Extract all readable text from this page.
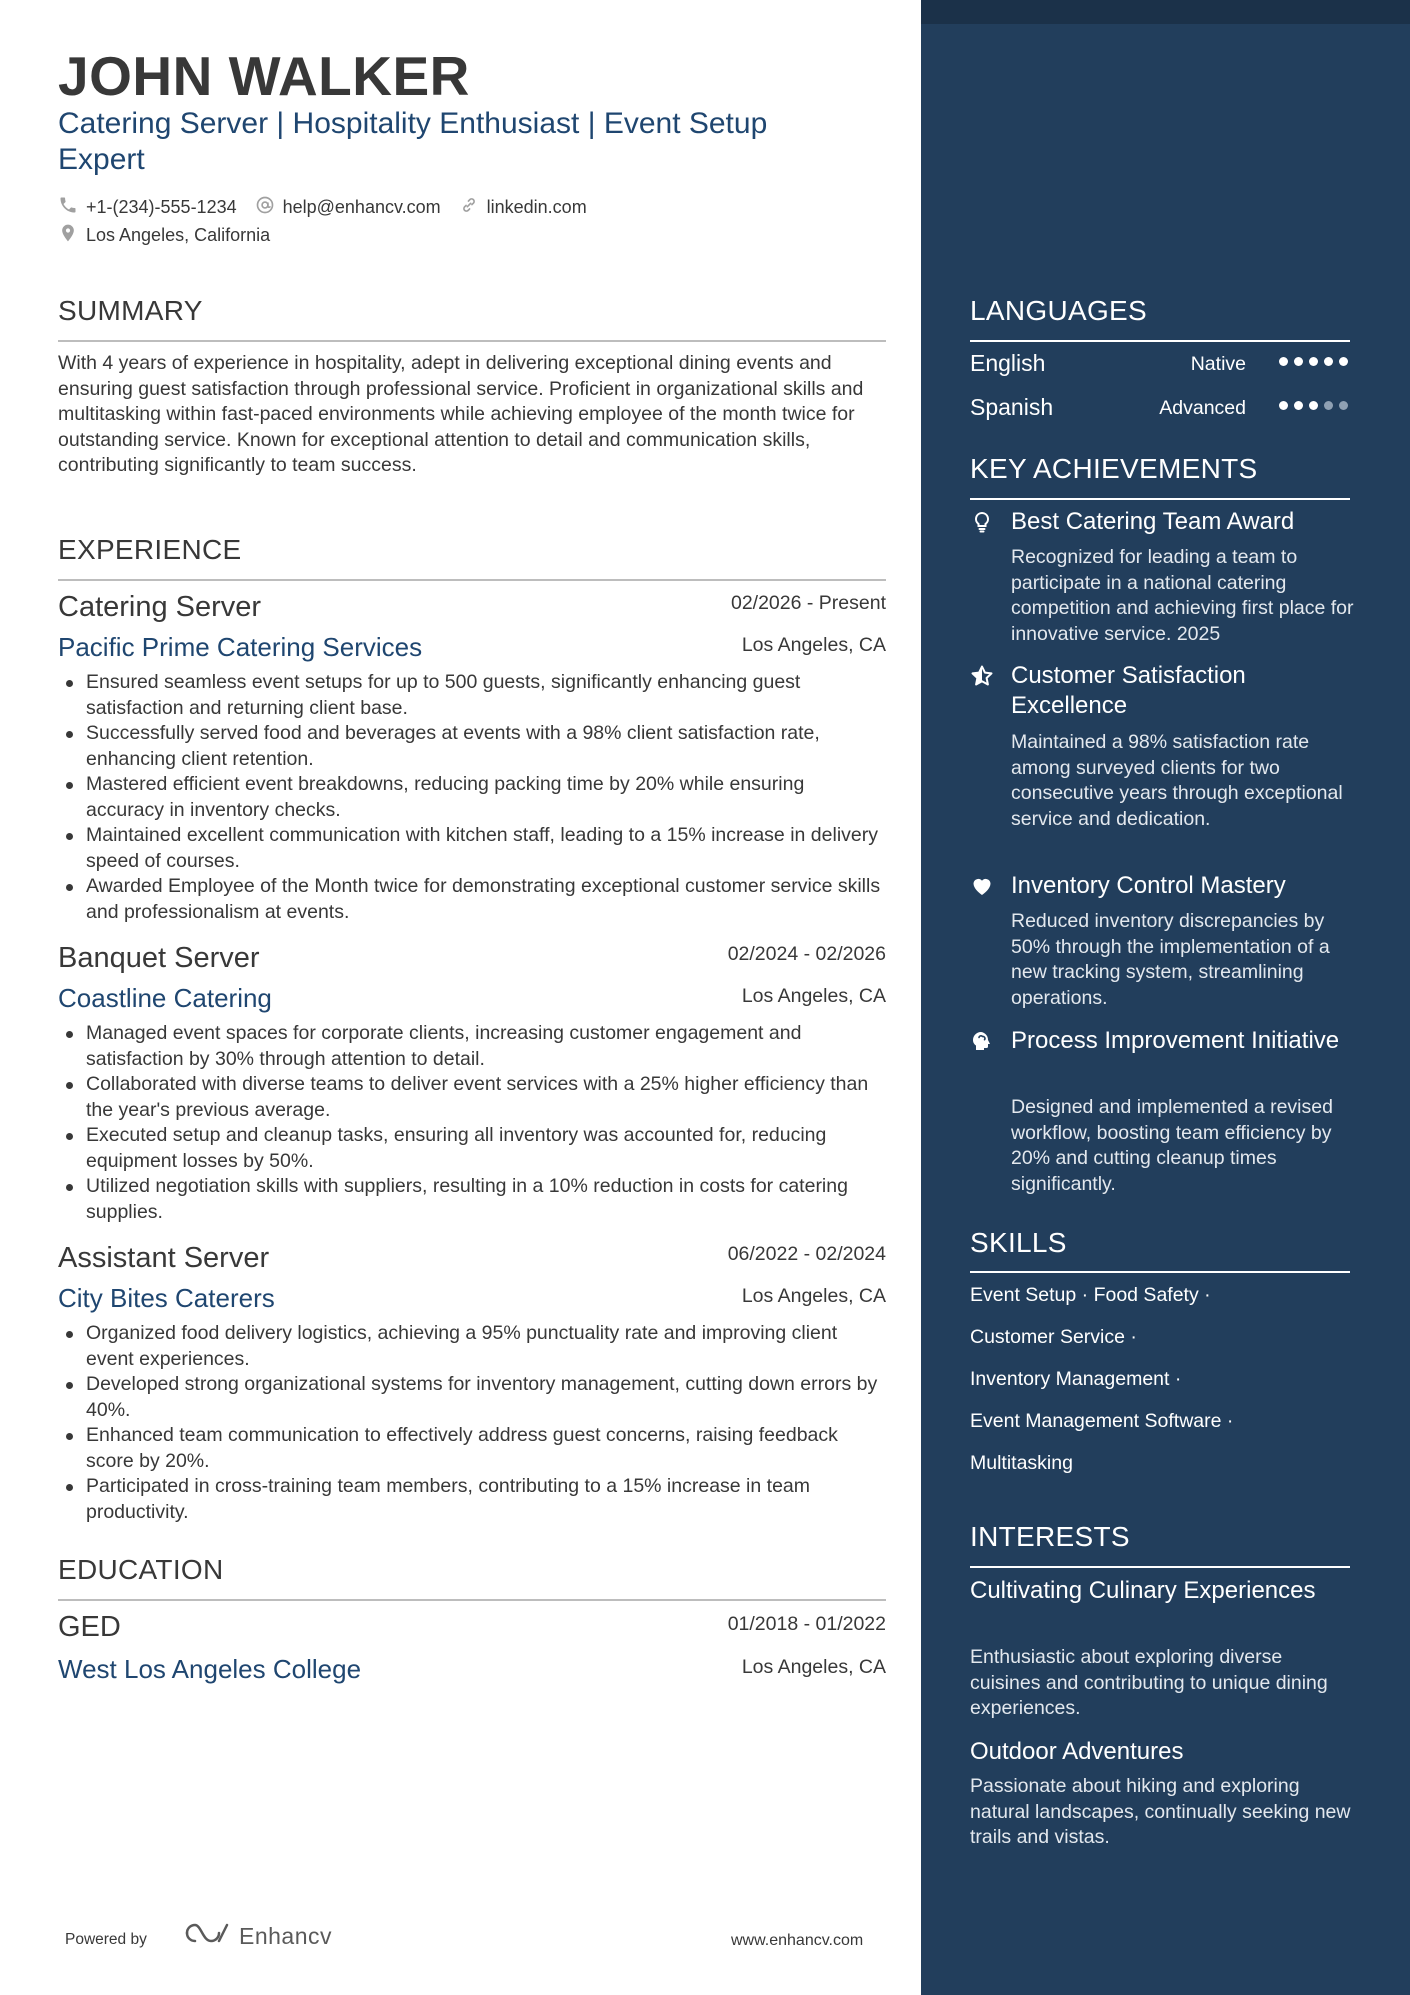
JOHN WALKER
Catering Server | Hospitality Enthusiast | Event Setup Expert
+1-(234)-555-1234	help@enhancv.com	linkedin.com
Los Angeles, California
SUMMARY
With 4 years of experience in hospitality, adept in delivering exceptional dining events and ensuring guest satisfaction through professional service. Proficient in organizational skills and multitasking within fast-paced environments while achieving employee of the month twice for outstanding service. Known for exceptional attention to detail and communication skills, contributing significantly to team success.
EXPERIENCE
Catering Server	02/2026 - Present
Pacific Prime Catering Services	Los Angeles, CA
Ensured seamless event setups for up to 500 guests, significantly enhancing guest satisfaction and returning client base.
Successfully served food and beverages at events with a 98% client satisfaction rate, enhancing client retention.
Mastered efficient event breakdowns, reducing packing time by 20% while ensuring accuracy in inventory checks.
Maintained excellent communication with kitchen staff, leading to a 15% increase in delivery speed of courses.
Awarded Employee of the Month twice for demonstrating exceptional customer service skills and professionalism at events.
Banquet Server	02/2024 - 02/2026
Coastline Catering	Los Angeles, CA
Managed event spaces for corporate clients, increasing customer engagement and satisfaction by 30% through attention to detail.
Collaborated with diverse teams to deliver event services with a 25% higher efficiency than the year's previous average.
Executed setup and cleanup tasks, ensuring all inventory was accounted for, reducing equipment losses by 50%.
Utilized negotiation skills with suppliers, resulting in a 10% reduction in costs for catering supplies.
Assistant Server	06/2022 - 02/2024
City Bites Caterers	Los Angeles, CA
Organized food delivery logistics, achieving a 95% punctuality rate and improving client event experiences.
Developed strong organizational systems for inventory management, cutting down errors by 40%.
Enhanced team communication to effectively address guest concerns, raising feedback score by 20%.
Participated in cross-training team members, contributing to a 15% increase in team productivity.
EDUCATION
GED	01/2018 - 01/2022
West Los Angeles College	Los Angeles, CA
Powered by	Enhancv	www.enhancv.com
LANGUAGES
English	Native
Spanish	Advanced
KEY ACHIEVEMENTS
Best Catering Team Award
Recognized for leading a team to participate in a national catering competition and achieving first place for innovative service. 2025
Customer Satisfaction Excellence
Maintained a 98% satisfaction rate among surveyed clients for two consecutive years through exceptional service and dedication.
Inventory Control Mastery
Reduced inventory discrepancies by 50% through the implementation of a new tracking system, streamlining operations.
Process Improvement Initiative
Designed and implemented a revised workflow, boosting team efficiency by 20% and cutting cleanup times significantly.
SKILLS
Event Setup · Food Safety ·
Customer Service ·
Inventory Management ·
Event Management Software ·
Multitasking
INTERESTS
Cultivating Culinary Experiences
Enthusiastic about exploring diverse cuisines and contributing to unique dining experiences.
Outdoor Adventures
Passionate about hiking and exploring natural landscapes, continually seeking new trails and vistas.
